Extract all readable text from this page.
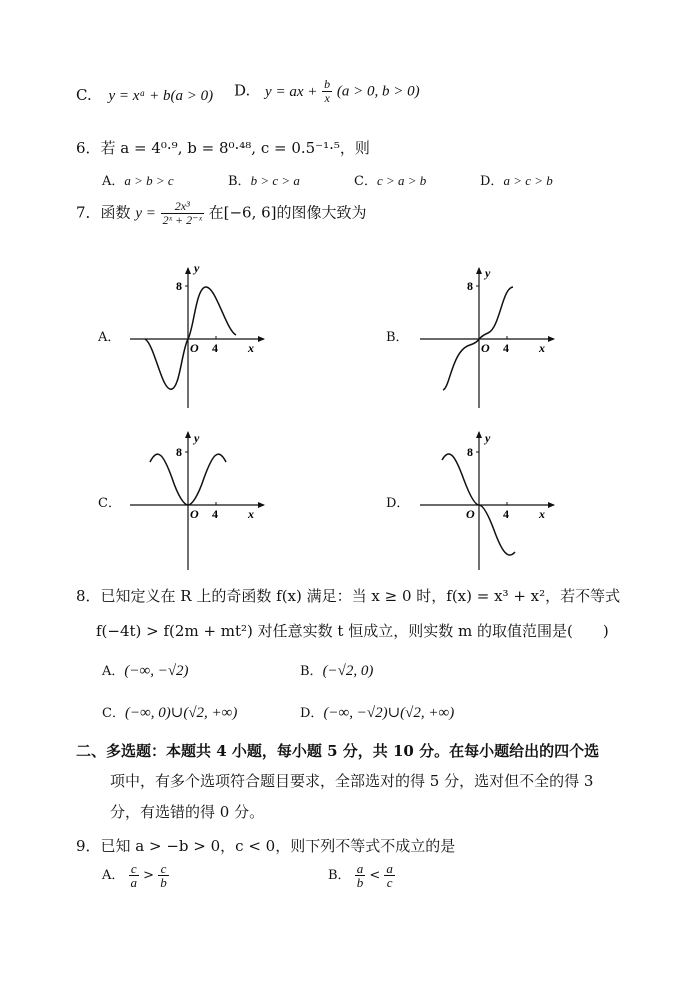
C. y = xᵃ + b(a > 0) D. y = ax + $\frac{b}{x} (a > 0$, b > 0)
6．若 a = 4⁰·⁹, b = 8⁰·⁴⁸, c = 0.5⁻¹·⁵，则
A．a > b > c	B．b > c > a	C．c > a > b	D．a > c > b
7．函数 $y = \frac{\text{2x³}}{\text{2ˣ + 2⁻ˣ}}$ 在[−6, 6]的图像大致为
A．	B．
C．	D．
8
y
O 4	x
8
y
O 4	x
8
y
O 4	x
8
y
O 4	x
8．已知定义在 R 上的奇函数 f(x) 满足：当 x ≥ 0 时，f(x) = x³ + x²，若不等式
f(−4t) > f(2m + mt²) 对任意实数 t 恒成立，则实数 m 的取值范围是(　　)
A．(−∞, −√2)	B．(−√2, 0)
C．(−∞, 0)∪(√2, +∞)	D．(−∞, −√2)∪(√2, +∞)
二、多选题：本题共 4 小题，每小题 5 分，共 10 分。在每小题给出的四个选
项中，有多个选项符合题目要求，全部选对的得 5 分，选对但不全的得 3
分，有选错的得 0 分。
9．已知 a > −b > 0，c < 0，则下列不等式不成立的是
A． $\frac{c}{a} > \frac{c}{b}$	B． $\frac{a}{b} < \frac{a}{c}$
